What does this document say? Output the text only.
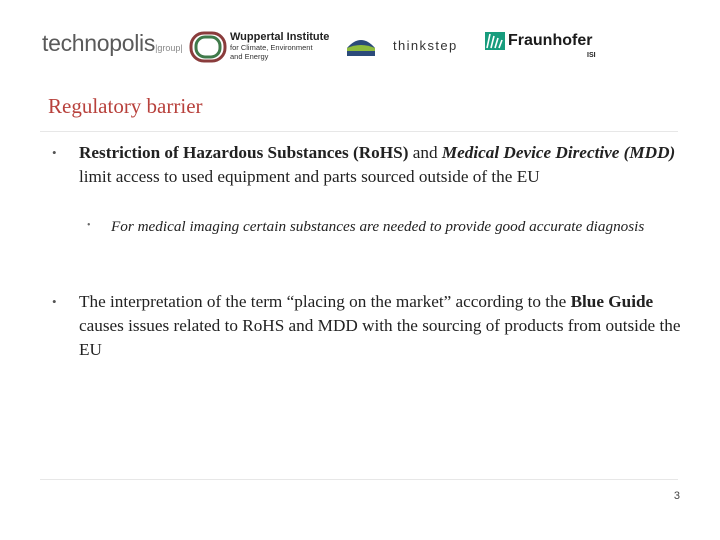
technopolis|group|
Wuppertal Institute
for Climate, Environment
and Energy
thinkstep	Fraunhofer
ISI
Regulatory barrier
• Restriction of Hazardous Substances (RoHS) and Medical Device Directive (MDD) limit access to used equipment and parts sourced outside of the EU
• For medical imaging certain substances are needed to provide good accurate diagnosis
• The interpretation of the term “placing on the market” according to the Blue Guide causes issues related to RoHS and MDD with the sourcing of products from outside the EU
3
